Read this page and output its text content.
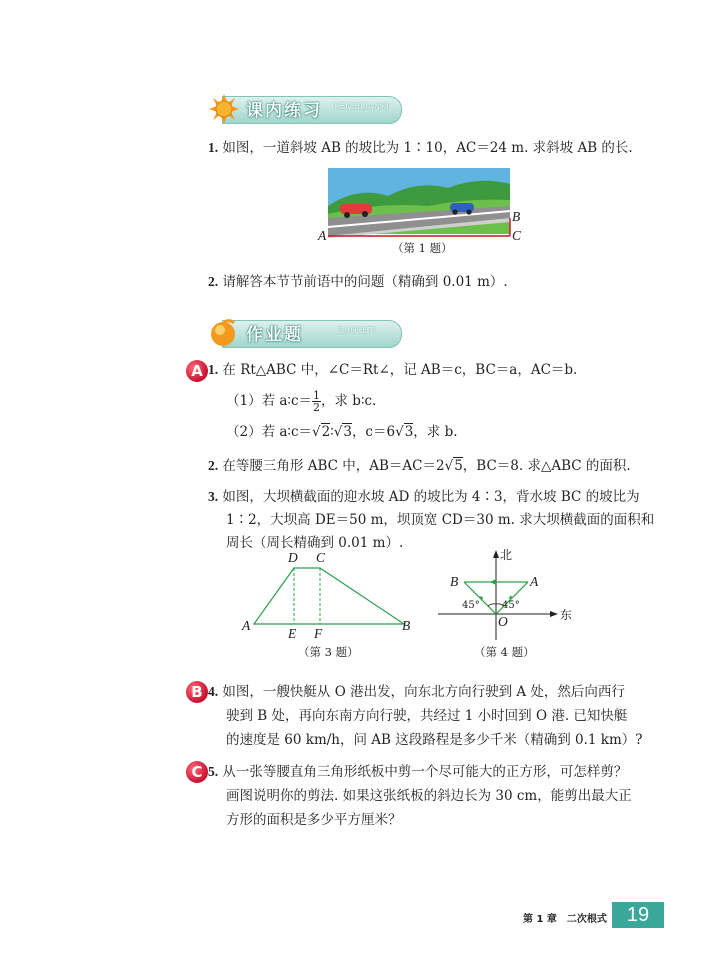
课内练习 KENEILIANXI
1. 如图，一道斜坡 AB 的坡比为 1∶10，AC＝24 m. 求斜坡 AB 的长.
A
B
C
（第 1 题）
2. 请解答本节节前语中的问题（精确到 0.01 m）.
作业题	ZUOYETI
A 1. 在 Rt△ABC 中，∠C＝Rt∠，记 AB＝c，BC＝a，AC＝b.
（1）若 a∶c＝ $\frac{1}{2}$ ，求 b∶c.
（2）若 a∶c＝√2∶√3，c＝6√3，求 b.
2. 在等腰三角形 ABC 中，AB＝AC＝2√5，BC＝8. 求△ABC 的面积.
3. 如图，大坝横截面的迎水坡 AD 的坡比为 4∶3，背水坡 BC 的坡比为
1∶2，大坝高 DE＝50 m，坝顶宽 CD＝30 m. 求大坝横截面的面积和
周长（周长精确到 0.01 m）.
A	B
D C
E F
（第 3 题）
北
东
B	A
O
45° 45°
（第 4 题）
B 4. 如图，一艘快艇从 O 港出发，向东北方向行驶到 A 处，然后向西行
驶到 B 处，再向东南方向行驶，共经过 1 小时回到 O 港. 已知快艇
的速度是 60 km/h，问 AB 这段路程是多少千米（精确到 0.1 km）?
C 5. 从一张等腰直角三角形纸板中剪一个尽可能大的正方形，可怎样剪？
画图说明你的剪法. 如果这张纸板的斜边长为 30 cm，能剪出最大正
方形的面积是多少平方厘米？
第 1 章　二次根式 19
